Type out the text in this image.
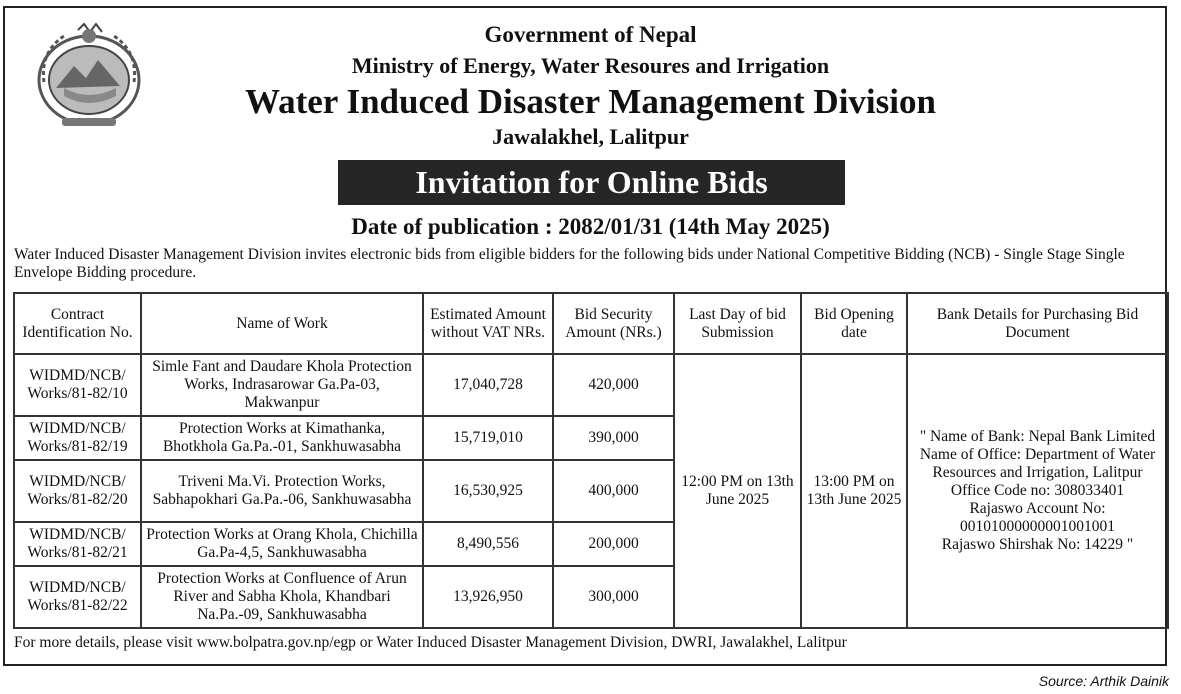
Government of Nepal
Ministry of Energy, Water Resoures and Irrigation
Water Induced Disaster Management Division
Jawalakhel, Lalitpur
Invitation for Online Bids
Date of publication : 2082/01/31 (14th May 2025)
Water Induced Disaster Management Division invites electronic bids from eligible bidders for the following bids under National Competitive Bidding (NCB) - Single Stage Single Envelope Bidding procedure.
Contract Identification No.	Name of Work	Estimated Amount without VAT NRs.	Bid Security Amount (NRs.)	Last Day of bid Submission	Bid Opening date	Bank Details for Purchasing Bid Document
WIDMD/NCB/ Works/81-82/10	Simle Fant and Daudare Khola Protection Works, Indrasarowar Ga.Pa-03, Makwanpur	17,040,728	420,000	12:00 PM on 13th June 2025	13:00 PM on 13th June 2025	" Name of Bank: Nepal Bank Limited
Name of Office: Department of Water Resources and Irrigation, Lalitpur
Office Code no: 308033401
Rajaswo Account No: 00101000000001001001
Rajaswo Shirshak No: 14229 "

WIDMD/NCB/ Works/81-82/19	Protection Works at Kimathanka, Bhotkhola Ga.Pa.-01, Sankhuwasabha	15,719,010	390,000			
WIDMD/NCB/ Works/81-82/20	Triveni Ma.Vi. Protection Works, Sabhapokhari Ga.Pa.-06, Sankhuwasabha	16,530,925	400,000			
WIDMD/NCB/ Works/81-82/21	Protection Works at Orang Khola, Chichilla Ga.Pa-4,5, Sankhuwasabha	8,490,556	200,000			
WIDMD/NCB/ Works/81-82/22	Protection Works at Confluence of Arun River and Sabha Khola, Khandbari Na.Pa.-09, Sankhuwasabha	13,926,950	300,000			
For more details, please visit www.bolpatra.gov.np/egp or Water Induced Disaster Management Division, DWRI, Jawalakhel, Lalitpur
Source: Arthik Dainik
